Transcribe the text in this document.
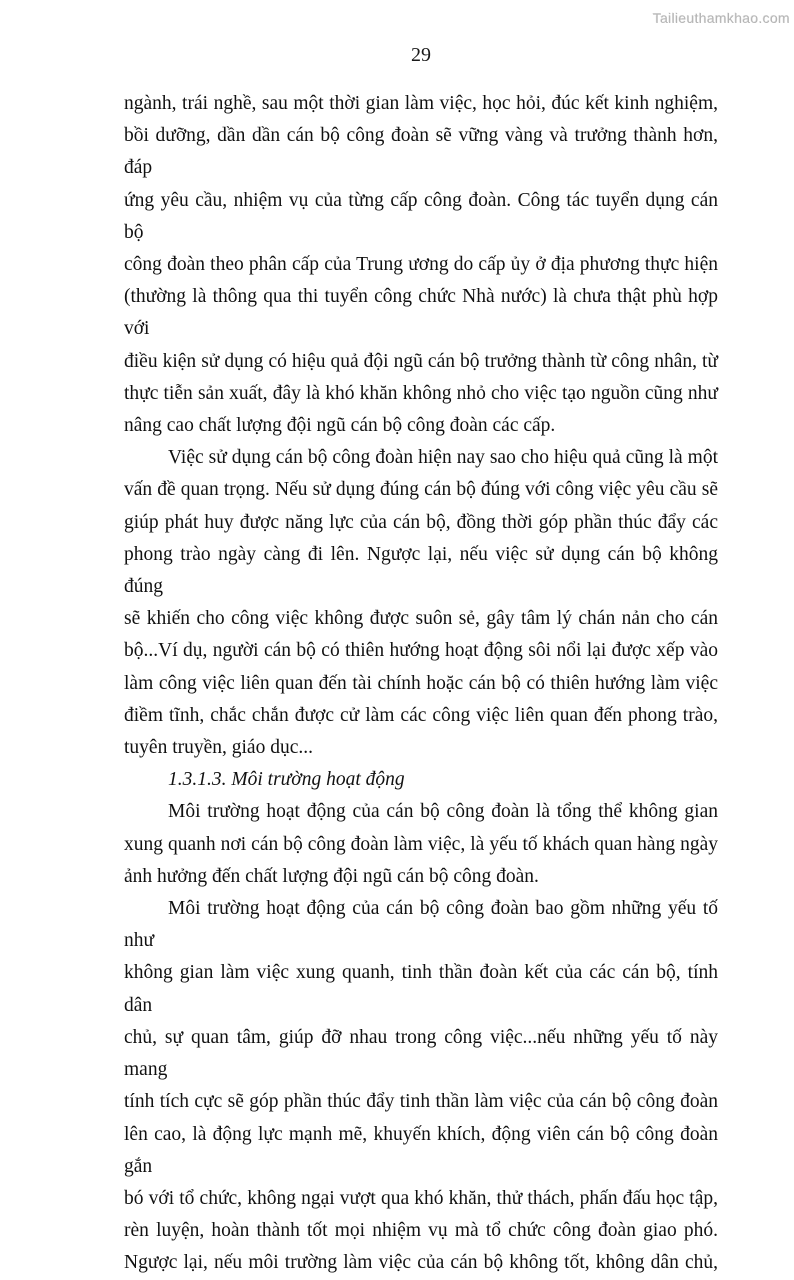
Tailieuthamkhao.com
29
ngành, trái nghề, sau một thời gian làm việc, học hỏi, đúc kết kinh nghiệm,
bồi dưỡng, dần dần cán bộ công đoàn sẽ vững vàng và trưởng thành hơn, đáp
ứng yêu cầu, nhiệm vụ của từng cấp công đoàn. Công tác tuyển dụng cán bộ
công đoàn theo phân cấp của Trung ương do cấp ủy ở địa phương thực hiện
(thường là thông qua thi tuyển công chức Nhà nước) là chưa thật phù hợp với
điều kiện sử dụng có hiệu quả đội ngũ cán bộ trưởng thành từ công nhân, từ
thực tiễn sản xuất, đây là khó khăn không nhỏ cho việc tạo nguồn cũng như
nâng cao chất lượng đội ngũ cán bộ công đoàn các cấp.
Việc sử dụng cán bộ công đoàn hiện nay sao cho hiệu quả cũng là một
vấn đề quan trọng. Nếu sử dụng đúng cán bộ đúng với công việc yêu cầu sẽ
giúp phát huy được năng lực của cán bộ, đồng thời góp phần thúc đẩy các
phong trào ngày càng đi lên. Ngược lại, nếu việc sử dụng cán bộ không đúng
sẽ khiến cho công việc không được suôn sẻ, gây tâm lý chán nản cho cán
bộ...Ví dụ, người cán bộ có thiên hướng hoạt động sôi nổi lại được xếp vào
làm công việc liên quan đến tài chính hoặc cán bộ có thiên hướng làm việc
điềm tĩnh, chắc chắn được cử làm các công việc liên quan đến phong trào,
tuyên truyền, giáo dục...
1.3.1.3. Môi trường hoạt động
Môi trường hoạt động của cán bộ công đoàn là tổng thể không gian
xung quanh nơi cán bộ công đoàn làm việc, là yếu tố khách quan hàng ngày
ảnh hưởng đến chất lượng đội ngũ cán bộ công đoàn.
Môi trường hoạt động của cán bộ công đoàn bao gồm những yếu tố như
không gian làm việc xung quanh, tinh thần đoàn kết của các cán bộ, tính dân
chủ, sự quan tâm, giúp đỡ nhau trong công việc...nếu những yếu tố này mang
tính tích cực sẽ góp phần thúc đẩy tinh thần làm việc của cán bộ công đoàn
lên cao, là động lực mạnh mẽ, khuyến khích, động viên cán bộ công đoàn gắn
bó với tổ chức, không ngại vượt qua khó khăn, thử thách, phấn đấu học tập,
rèn luyện, hoàn thành tốt mọi nhiệm vụ mà tổ chức công đoàn giao phó.
Ngược lại, nếu môi trường làm việc của cán bộ không tốt, không dân chủ,
